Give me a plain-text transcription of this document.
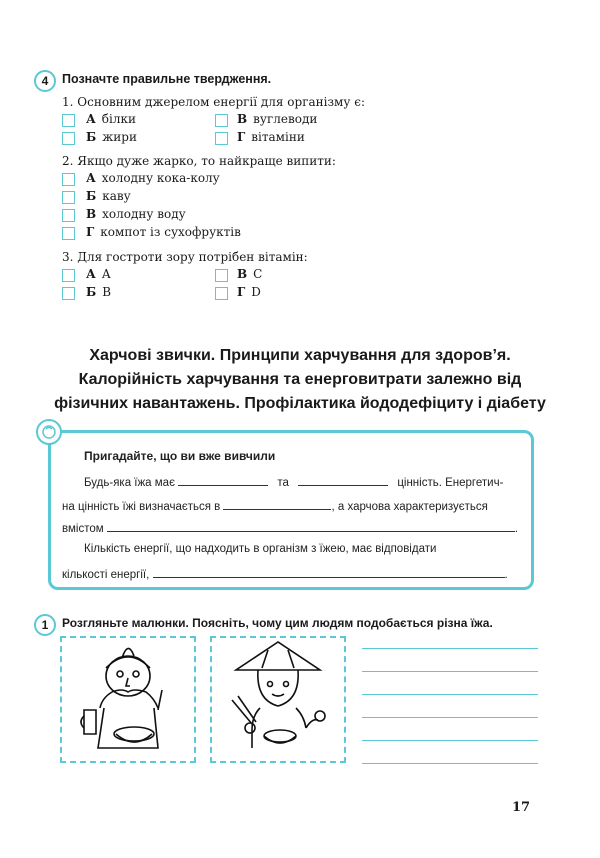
4	Позначте правильне твердження.
1. Основним джерелом енергії для організму є:
А білки	В вуглеводи
Б жири	Г вітаміни
2. Якщо дуже жарко, то найкраще випити:
А холодну кока-колу
Б каву
В холодну воду
Г компот із сухофруктів
3. Для гостроти зору потрібен вітамін:
А А	В С
Б В	Г D
Харчові звички. Принципи харчування для здоров’я.
Калорійність харчування та енерговитрати залежно від
фізичних навантажень. Профілактика йододефіциту і діабету
Пригадайте, що ви вже вивчили
Будь-яка їжа має	та	цінність. Енергетич-
на цінність їжі визначається в	, а харчова характеризується
вмістом	.
Кількість енергії, що надходить в організм з їжею, має відповідати
кількості енергії,	.
1	Розгляньте малюнки. Поясніть, чому цим людям подобається різна їжа.
17
